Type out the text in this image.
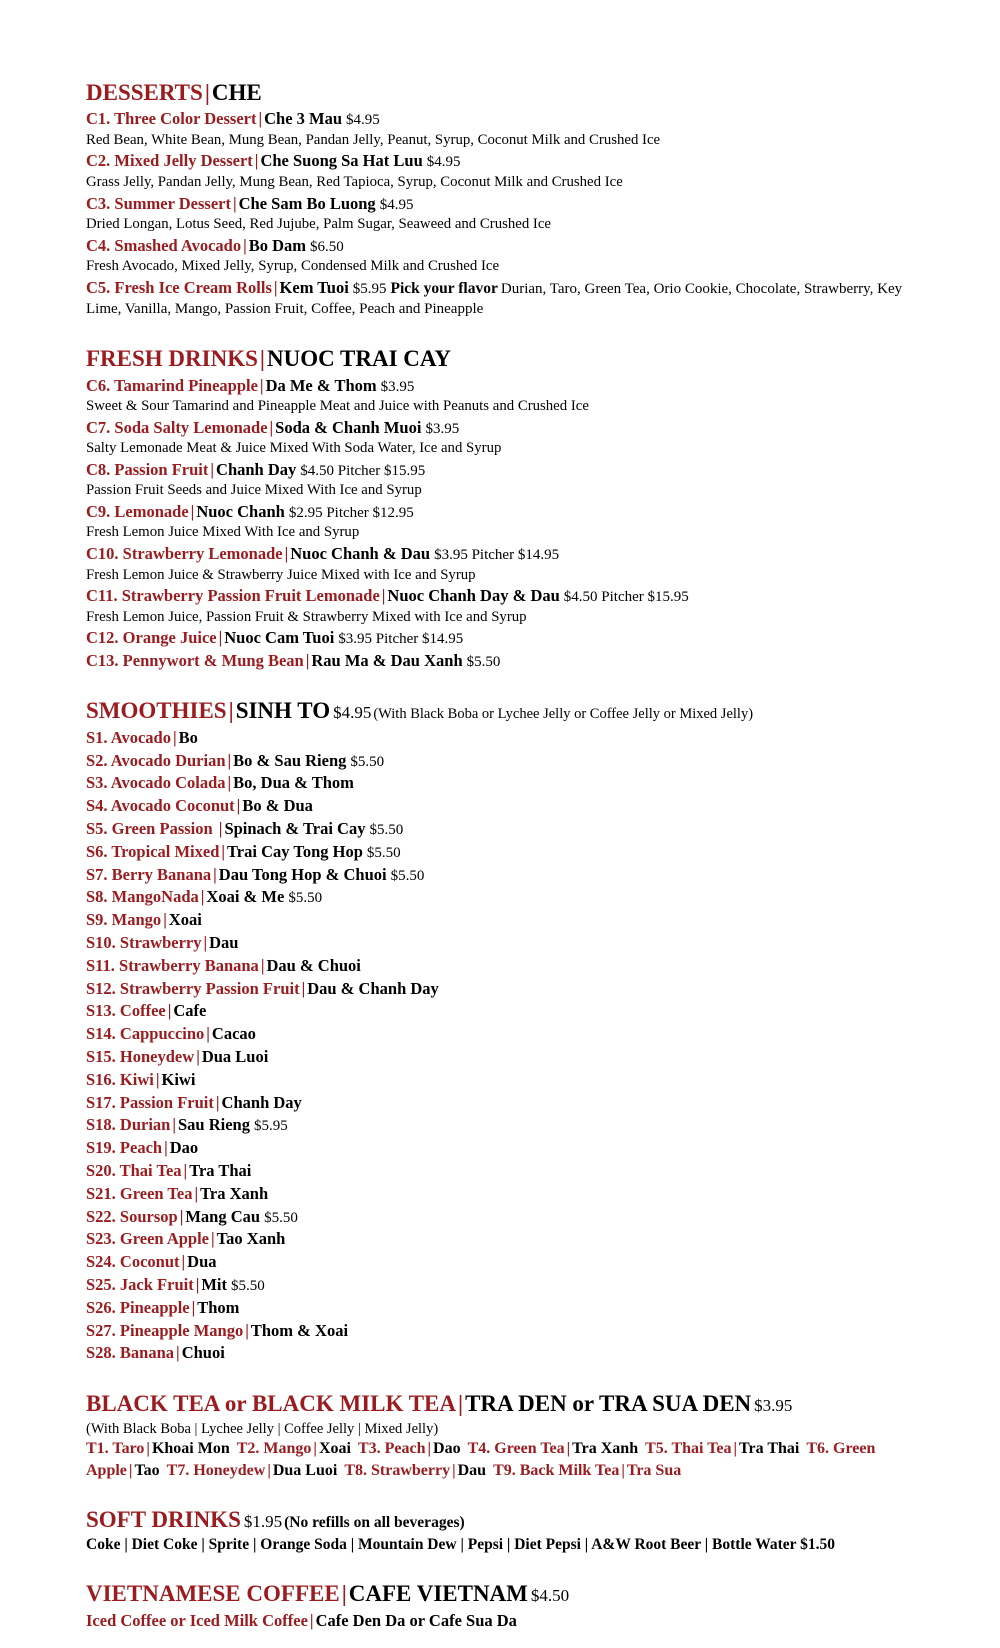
DESSERTS|CHE
C1. Three Color Dessert | Che 3 Mau $4.95
Red Bean, White Bean, Mung Bean, Pandan Jelly, Peanut, Syrup, Coconut Milk and Crushed Ice
C2. Mixed Jelly Dessert | Che Suong Sa Hat Luu $4.95
Grass Jelly, Pandan Jelly, Mung Bean, Red Tapioca, Syrup, Coconut Milk and Crushed Ice
C3. Summer Dessert | Che Sam Bo Luong $4.95
Dried Longan, Lotus Seed, Red Jujube, Palm Sugar, Seaweed and Crushed Ice
C4. Smashed Avocado | Bo Dam $6.50
Fresh Avocado, Mixed Jelly, Syrup, Condensed Milk and Crushed Ice
C5. Fresh Ice Cream Rolls | Kem Tuoi $5.95 Pick your flavor Durian, Taro, Green Tea, Orio Cookie, Chocolate, Strawberry, Key Lime, Vanilla, Mango, Passion Fruit, Coffee, Peach and Pineapple
FRESH DRINKS|NUOC TRAI CAY
C6. Tamarind Pineapple | Da Me & Thom $3.95
Sweet & Sour Tamarind and Pineapple Meat and Juice with Peanuts and Crushed Ice
C7. Soda Salty Lemonade | Soda & Chanh Muoi $3.95
Salty Lemonade Meat & Juice Mixed With Soda Water, Ice and Syrup
C8. Passion Fruit | Chanh Day $4.50 Pitcher $15.95
Passion Fruit Seeds and Juice Mixed With Ice and Syrup
C9. Lemonade | Nuoc Chanh $2.95 Pitcher $12.95
Fresh Lemon Juice Mixed With Ice and Syrup
C10. Strawberry Lemonade | Nuoc Chanh & Dau $3.95 Pitcher $14.95
Fresh Lemon Juice & Strawberry Juice Mixed with Ice and Syrup
C11. Strawberry Passion Fruit Lemonade | Nuoc Chanh Day & Dau $4.50 Pitcher $15.95
Fresh Lemon Juice, Passion Fruit & Strawberry Mixed with Ice and Syrup
C12. Orange Juice | Nuoc Cam Tuoi $3.95 Pitcher $14.95
C13. Pennywort & Mung Bean | Rau Ma & Dau Xanh $5.50
SMOOTHIES|SINH TO $4.95 (With Black Boba or Lychee Jelly or Coffee Jelly or Mixed Jelly)
S1. Avocado | Bo
S2. Avocado Durian | Bo & Sau Rieng $5.50
S3. Avocado Colada | Bo, Dua & Thom
S4. Avocado Coconut | Bo & Dua
S5. Green Passion | Spinach & Trai Cay $5.50
S6. Tropical Mixed | Trai Cay Tong Hop $5.50
S7. Berry Banana | Dau Tong Hop & Chuoi $5.50
S8. MangoNada | Xoai & Me $5.50
S9. Mango | Xoai
S10. Strawberry | Dau
S11. Strawberry Banana | Dau & Chuoi
S12. Strawberry Passion Fruit | Dau & Chanh Day
S13. Coffee | Cafe
S14. Cappuccino | Cacao
S15. Honeydew | Dua Luoi
S16. Kiwi | Kiwi
S17. Passion Fruit | Chanh Day
S18. Durian | Sau Rieng $5.95
S19. Peach | Dao
S20. Thai Tea | Tra Thai
S21. Green Tea | Tra Xanh
S22. Soursop | Mang Cau $5.50
S23. Green Apple | Tao Xanh
S24. Coconut | Dua
S25. Jack Fruit | Mit $5.50
S26. Pineapple | Thom
S27. Pineapple Mango | Thom & Xoai
S28. Banana | Chuoi
BLACK TEA or BLACK MILK TEA|TRA DEN or TRA SUA DEN $3.95
(With Black Boba | Lychee Jelly | Coffee Jelly | Mixed Jelly)
T1. Taro | Khoai Mon T2. Mango | Xoai T3. Peach | Dao T4. Green Tea | Tra Xanh T5. Thai Tea | Tra Thai T6. Green Apple | Tao T7. Honeydew | Dua Luoi T8. Strawberry | Dau T9. Back Milk Tea | Tra Sua
SOFT DRINKS $1.95 (No refills on all beverages)
Coke | Diet Coke | Sprite | Orange Soda | Mountain Dew | Pepsi | Diet Pepsi | A&W Root Beer | Bottle Water $1.50
VIETNAMESE COFFEE|CAFE VIETNAM $4.50
Iced Coffee or Iced Milk Coffee | Cafe Den Da or Cafe Sua Da
